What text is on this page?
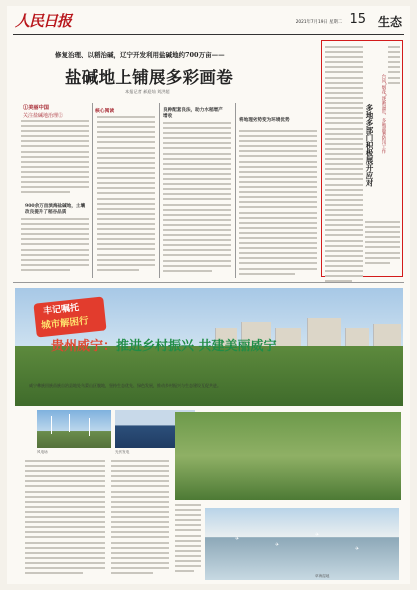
人民日报	2021年7月19日 星期二 15 生态
修复治理、以稻治碱，辽宁开发利用盐碱地约700万亩——
盐碱地上铺展多彩画卷
本报记者 郝迎灿 刘洪超
①美丽中国
关注盐碱地治理②
核心阅读	良种配套良法，助力水稻增产增收
将地理劣势变为环境优势
900余万亩滨海盐碱地，土壤改良提升了稻谷品质
台风“烟花”逐渐逼近，多地部署防汛工作
多地多部门积极展开应对
丰记嘱托
城市解困行
贵州威宁：推进乡村振兴 共建美丽威宁
威宁彝族回族苗族自治县地处乌蒙山区腹地，坚持生态优先、绿色发展，推动乡村振兴与生态建设互促共进。
风电场	光伏发电
✈
✈
✈
✈
草海湿地
